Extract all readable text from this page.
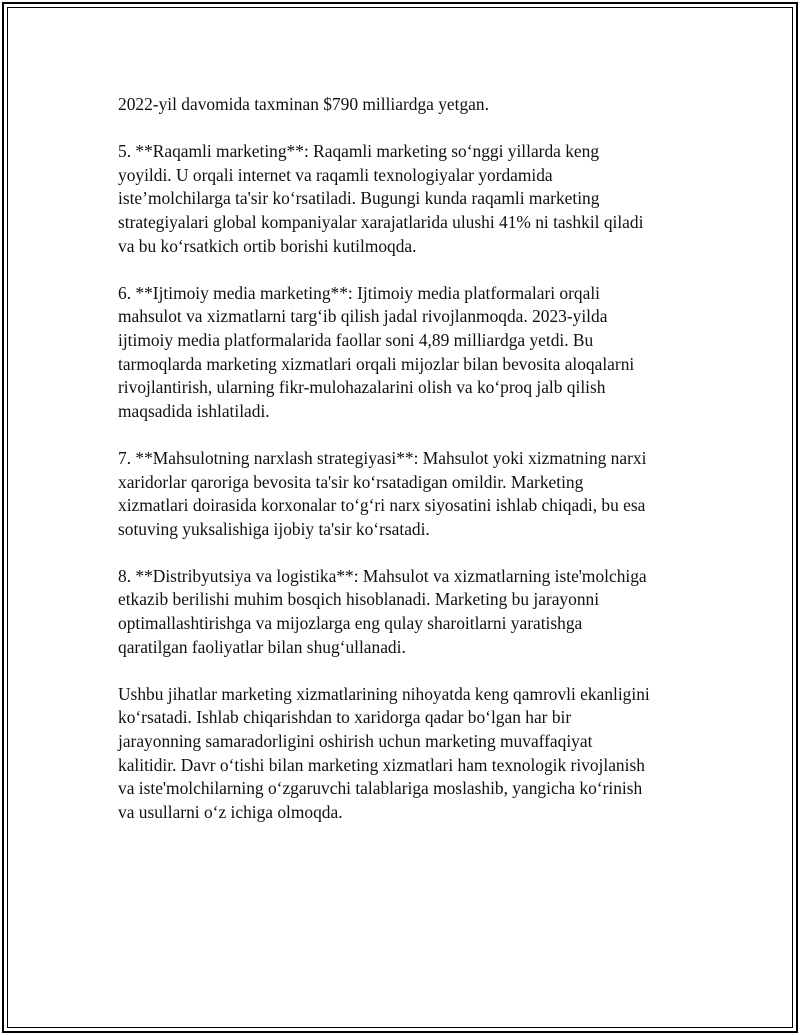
2022-yil davomida taxminan $790 milliardga yetgan.

5. **Raqamli marketing**: Raqamli marketing so‘nggi yillarda keng
yoyildi. U orqali internet va raqamli texnologiyalar yordamida
iste’molchilarga ta'sir ko‘rsatiladi. Bugungi kunda raqamli marketing
strategiyalari global kompaniyalar xarajatlarida ulushi 41% ni tashkil qiladi
va bu ko‘rsatkich ortib borishi kutilmoqda.

6. **Ijtimoiy media marketing**: Ijtimoiy media platformalari orqali
mahsulot va xizmatlarni targ‘ib qilish jadal rivojlanmoqda. 2023-yilda
ijtimoiy media platformalarida faollar soni 4,89 milliardga yetdi. Bu
tarmoqlarda marketing xizmatlari orqali mijozlar bilan bevosita aloqalarni
rivojlantirish, ularning fikr-mulohazalarini olish va ko‘proq jalb qilish
maqsadida ishlatiladi.

7. **Mahsulotning narxlash strategiyasi**: Mahsulot yoki xizmatning narxi
xaridorlar qaroriga bevosita ta'sir ko‘rsatadigan omildir. Marketing
xizmatlari doirasida korxonalar to‘g‘ri narx siyosatini ishlab chiqadi, bu esa
sotuving yuksalishiga ijobiy ta'sir ko‘rsatadi.

8. **Distribyutsiya va logistika**: Mahsulot va xizmatlarning iste'molchiga
etkazib berilishi muhim bosqich hisoblanadi. Marketing bu jarayonni
optimallashtirishga va mijozlarga eng qulay sharoitlarni yaratishga
qaratilgan faoliyatlar bilan shug‘ullanadi.

Ushbu jihatlar marketing xizmatlarining nihoyatda keng qamrovli ekanligini
ko‘rsatadi. Ishlab chiqarishdan to xaridorga qadar bo‘lgan har bir
jarayonning samaradorligini oshirish uchun marketing muvaffaqiyat
kalitidir. Davr o‘tishi bilan marketing xizmatlari ham texnologik rivojlanish
va iste'molchilarning o‘zgaruvchi talablariga moslashib, yangicha ko‘rinish
va usullarni o‘z ichiga olmoqda.
